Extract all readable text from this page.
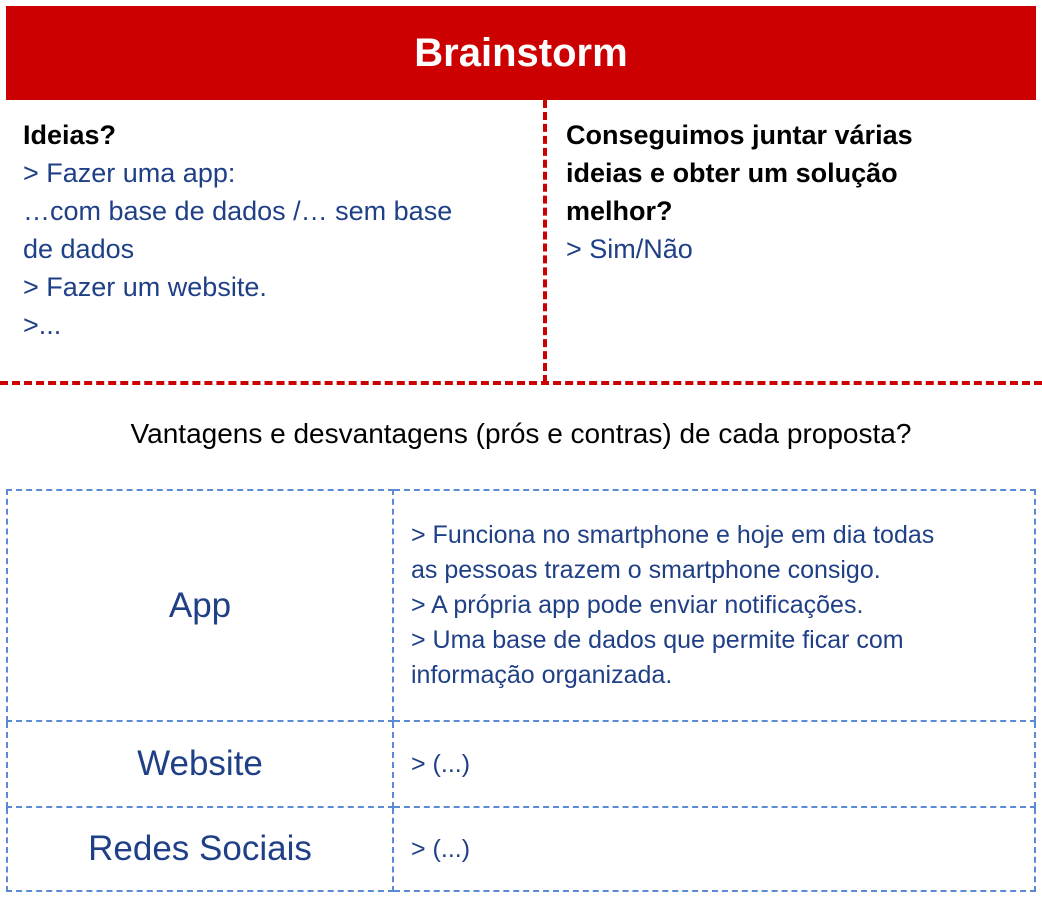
Brainstorm
Ideias?
> Fazer uma app:
…com base de dados /… sem base
de dados
> Fazer um website.
>...
Conseguimos juntar várias
ideias e obter um solução
melhor?
> Sim/Não
Vantagens e desvantagens (prós e contras) de cada proposta?
App	> Funciona no smartphone e hoje em dia todas
as pessoas trazem o smartphone consigo.
> A própria app pode enviar notificações.
> Uma base de dados que permite ficar com
informação organizada.

Website	> (...)

Redes Sociais	> (...)
